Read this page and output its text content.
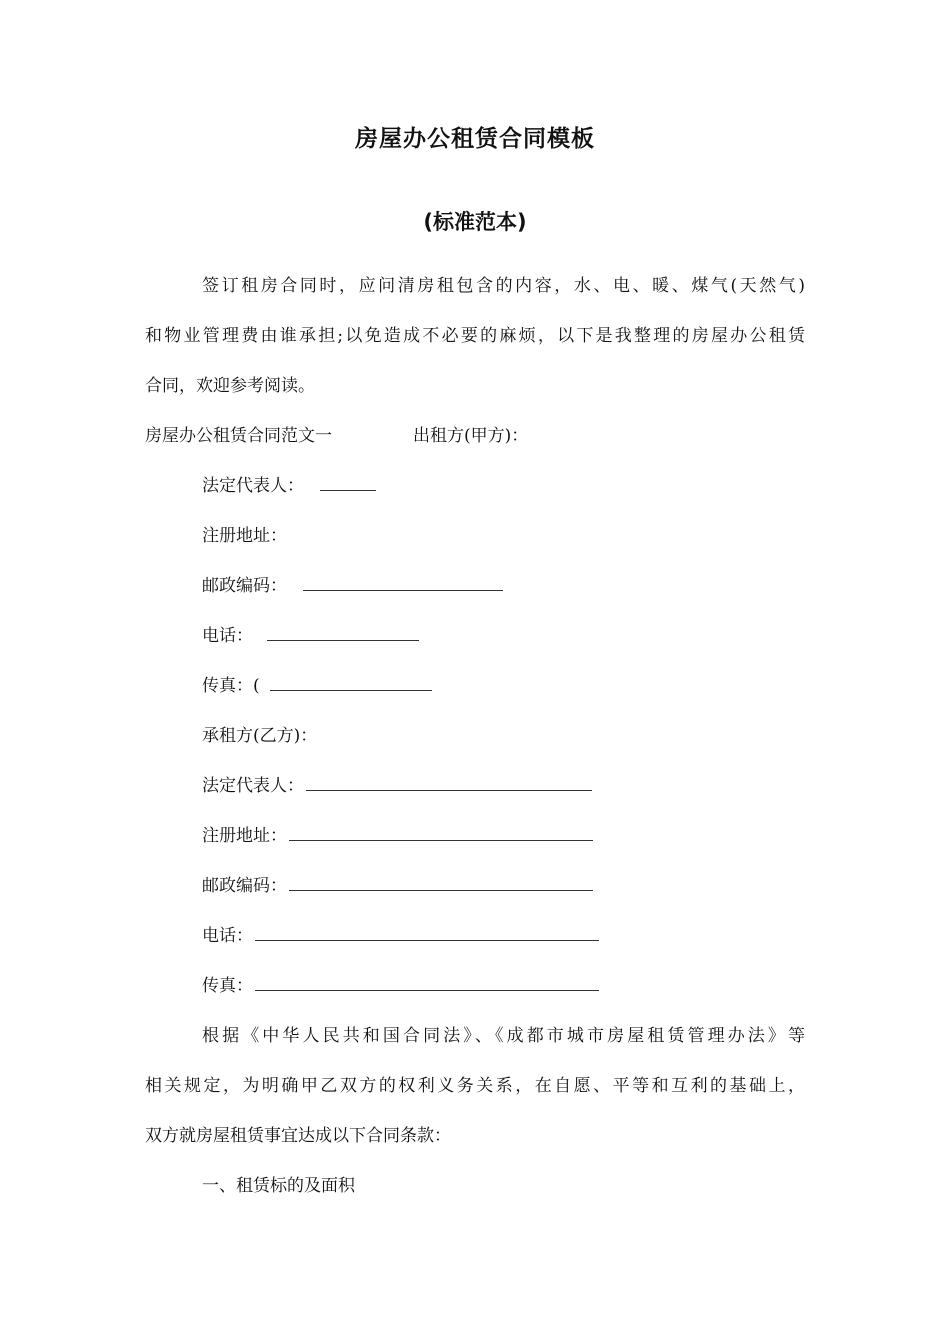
房屋办公租赁合同模板
(标准范本)
签订租房合同时，应问清房租包含的内容，水、电、暖、煤气(天然气)
和物业管理费由谁承担;以免造成不必要的麻烦，以下是我整理的房屋办公租赁
合同，欢迎参考阅读。
房屋办公租赁合同范文一	出租方(甲方)：
法定代表人：
注册地址：
邮政编码：
电话：
传真：(
承租方(乙方)：
法定代表人：
注册地址：
邮政编码：
电话：
传真：
根据《中华人民共和国合同法》、《成都市城市房屋租赁管理办法》等
相关规定，为明确甲乙双方的权利义务关系，在自愿、平等和互利的基础上，
双方就房屋租赁事宜达成以下合同条款：
一、租赁标的及面积
